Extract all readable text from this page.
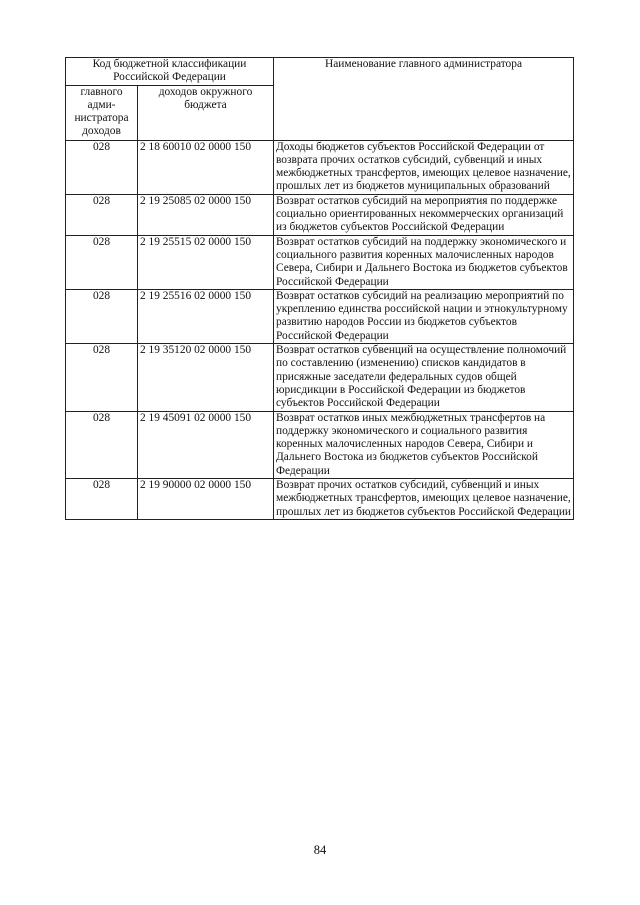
Код бюджетной классификации Российской Федерации		Наименование главного администратора
главного адми-нистратора доходов	доходов окружного бюджета	
028	2 18 60010 02 0000 150	Доходы бюджетов субъектов Российской Федерации от возврата прочих остатков субсидий, субвенций и иных межбюджетных трансфертов, имеющих целевое назначение, прошлых лет из бюджетов муниципальных образований
028	2 19 25085 02 0000 150	Возврат остатков субсидий на мероприятия по поддержке социально ориентированных некоммерческих организаций из бюджетов субъектов Российской Федерации
028	2 19 25515 02 0000 150	Возврат остатков субсидий на поддержку экономического и социального развития коренных малочисленных народов Севера, Сибири и Дальнего Востока из бюджетов субъектов Российской Федерации
028	2 19 25516 02 0000 150	Возврат остатков субсидий на реализацию мероприятий по укреплению единства российской нации и этнокультурному развитию народов России из бюджетов субъектов Российской Федерации
028	2 19 35120 02 0000 150	Возврат остатков субвенций на осуществление полномочий по составлению (изменению) списков кандидатов в присяжные заседатели федеральных судов общей юрисдикции в Российской Федерации из бюджетов субъектов Российской Федерации
028	2 19 45091 02 0000 150	Возврат остатков иных межбюджетных трансфертов на поддержку экономического и социального развития коренных малочисленных народов Севера, Сибири и Дальнего Востока из бюджетов субъектов Российской Федерации
028	2 19 90000 02 0000 150	Возврат прочих остатков субсидий, субвенций и иных межбюджетных трансфертов, имеющих целевое назначение, прошлых лет из бюджетов субъектов Российской Федерации
84
